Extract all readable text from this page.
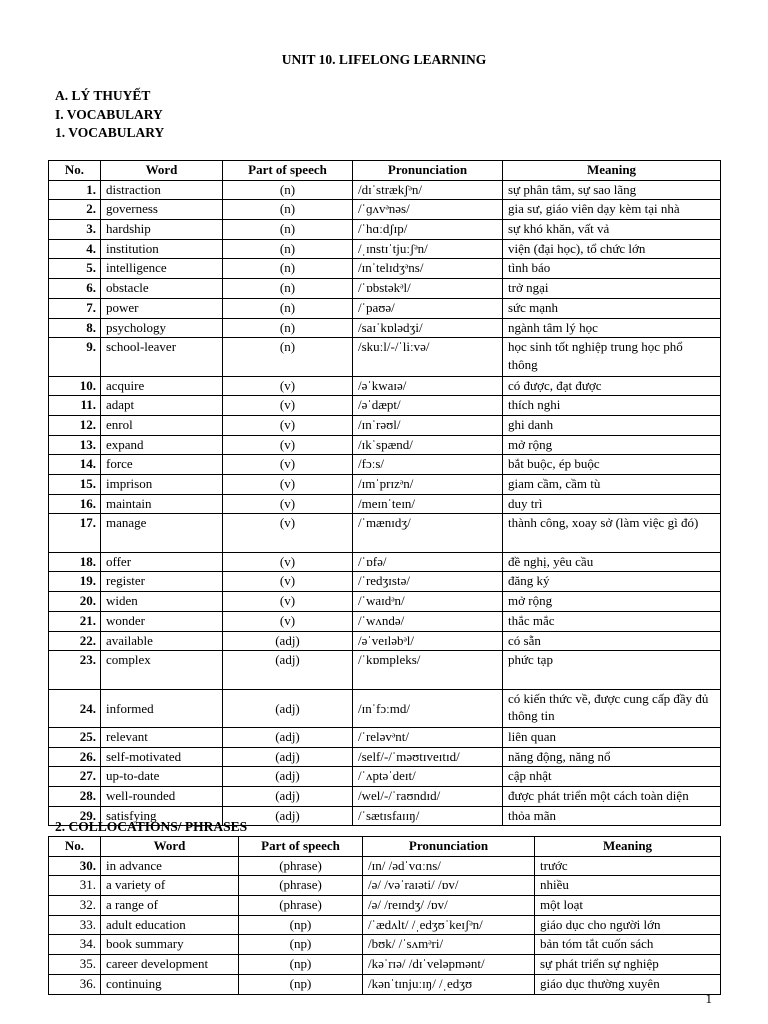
UNIT 10. LIFELONG LEARNING
A. LÝ THUYẾT
I. VOCABULARY
1. VOCABULARY
No.	Word	Part of speech	Pronunciation	Meaning
1.	distraction	(n)	/dɪˈstrækʃᵊn/	sự phân tâm, sự sao lãng
2.	governess	(n)	/ˈɡʌvᵊnəs/	gia sư, giáo viên dạy kèm tại nhà
3.	hardship	(n)	/ˈhɑːdʃɪp/	sự khó khăn, vất vả
4.	institution	(n)	/ˌɪnstɪˈtjuːʃᵊn/	viện (đại học), tổ chức lớn
5.	intelligence	(n)	/ɪnˈtelɪdʒᵊns/	tình báo
6.	obstacle	(n)	/ˈɒbstəkᵊl/	trở ngại
7.	power	(n)	/ˈpaʊə/	sức mạnh
8.	psychology	(n)	/saɪˈkɒlədʒi/	ngành tâm lý học
9.	school-leaver	(n)	/skuːl/-/ˈliːvə/	học sinh tốt nghiệp trung học phổ thông
10.	acquire	(v)	/əˈkwaɪə/	có được, đạt được
11.	adapt	(v)	/əˈdæpt/	thích nghi
12.	enrol	(v)	/ɪnˈrəʊl/	ghi danh
13.	expand	(v)	/ɪkˈspænd/	mở rộng
14.	force	(v)	/fɔːs/	bắt buộc, ép buộc
15.	imprison	(v)	/ɪmˈprɪzᵊn/	giam cầm, cầm tù
16.	maintain	(v)	/meɪnˈteɪn/	duy trì
17.	manage	(v)	/ˈmænɪdʒ/	thành công, xoay sở (làm việc gì đó)
18.	offer	(v)	/ˈɒfə/	đề nghị, yêu cầu
19.	register	(v)	/ˈredʒɪstə/	đăng ký
20.	widen	(v)	/ˈwaɪdᵊn/	mở rộng
21.	wonder	(v)	/ˈwʌndə/	thắc mắc
22.	available	(adj)	/əˈveɪləbᵊl/	có sẵn
23.	complex	(adj)	/ˈkɒmpleks/	phức tạp
24.	informed	(adj)	/ɪnˈfɔːmd/	có kiến thức về, được cung cấp đầy đủ thông tin
25.	relevant	(adj)	/ˈreləvᵊnt/	liên quan
26.	self-motivated	(adj)	/self/-/ˈməʊtɪveɪtɪd/	năng động, năng nổ
27.	up-to-date	(adj)	/ˈʌptəˈdeɪt/	cập nhật
28.	well-rounded	(adj)	/wel/-/ˈraʊndɪd/	được phát triển một cách toàn diện
29.	satisfying	(adj)	/ˈsætɪsfaɪɪŋ/	thỏa mãn
2. COLLOCATIONS/ PHRASES
No.	Word	Part of speech	Pronunciation	Meaning
30.	in advance	(phrase)	/ɪn/ /ədˈvɑːns/	trước
31.	a variety of	(phrase)	/ə/ /vəˈraɪəti/ /ɒv/	nhiều
32.	a range of	(phrase)	/ə/ /reɪndʒ/ /ɒv/	một loạt
33.	adult education	(np)	/ˈædʌlt/ /ˌedʒʊˈkeɪʃᵊn/	giáo dục cho người lớn
34.	book summary	(np)	/bʊk/ /ˈsʌmᵊri/	bản tóm tắt cuốn sách
35.	career development	(np)	/kəˈrɪə/ /dɪˈveləpmənt/	sự phát triển sự nghiệp
36.	continuing	(np)	/kənˈtɪnjuːɪŋ/ /ˌedʒʊ	giáo dục thường xuyên
1
